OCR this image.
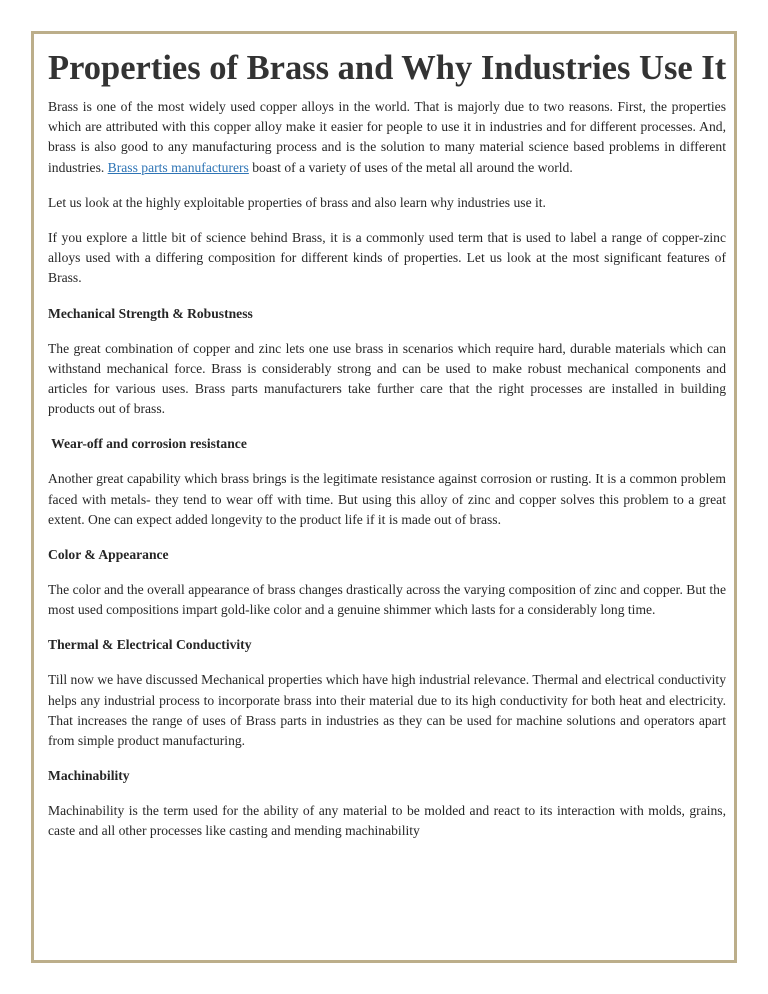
Properties of Brass and Why Industries Use It

Brass is one of the most widely used copper alloys in the world. That is majorly due to two reasons. First, the properties which are attributed with this copper alloy make it easier for people to use it in industries and for different processes. And, brass is also good to any manufacturing process and is the solution to many material science based problems in different industries. Brass parts manufacturers boast of a variety of uses of the metal all around the world.

Let us look at the highly exploitable properties of brass and also learn why industries use it.

If you explore a little bit of science behind Brass, it is a commonly used term that is used to label a range of copper-zinc alloys used with a differing composition for different kinds of properties. Let us look at the most significant features of Brass.

Mechanical Strength & Robustness

The great combination of copper and zinc lets one use brass in scenarios which require hard, durable materials which can withstand mechanical force. Brass is considerably strong and can be used to make robust mechanical components and articles for various uses. Brass parts manufacturers take further care that the right processes are installed in building products out of brass.

Wear-off and corrosion resistance

Another great capability which brass brings is the legitimate resistance against corrosion or rusting. It is a common problem faced with metals- they tend to wear off with time. But using this alloy of zinc and copper solves this problem to a great extent. One can expect added longevity to the product life if it is made out of brass.

Color & Appearance

The color and the overall appearance of brass changes drastically across the varying composition of zinc and copper. But the most used compositions impart gold-like color and a genuine shimmer which lasts for a considerably long time.

Thermal & Electrical Conductivity

Till now we have discussed Mechanical properties which have high industrial relevance. Thermal and electrical conductivity helps any industrial process to incorporate brass into their material due to its high conductivity for both heat and electricity. That increases the range of uses of Brass parts in industries as they can be used for machine solutions and operators apart from simple product manufacturing.

Machinability

Machinability is the term used for the ability of any material to be molded and react to its interaction with molds, grains, caste and all other processes like casting and mending machinability
